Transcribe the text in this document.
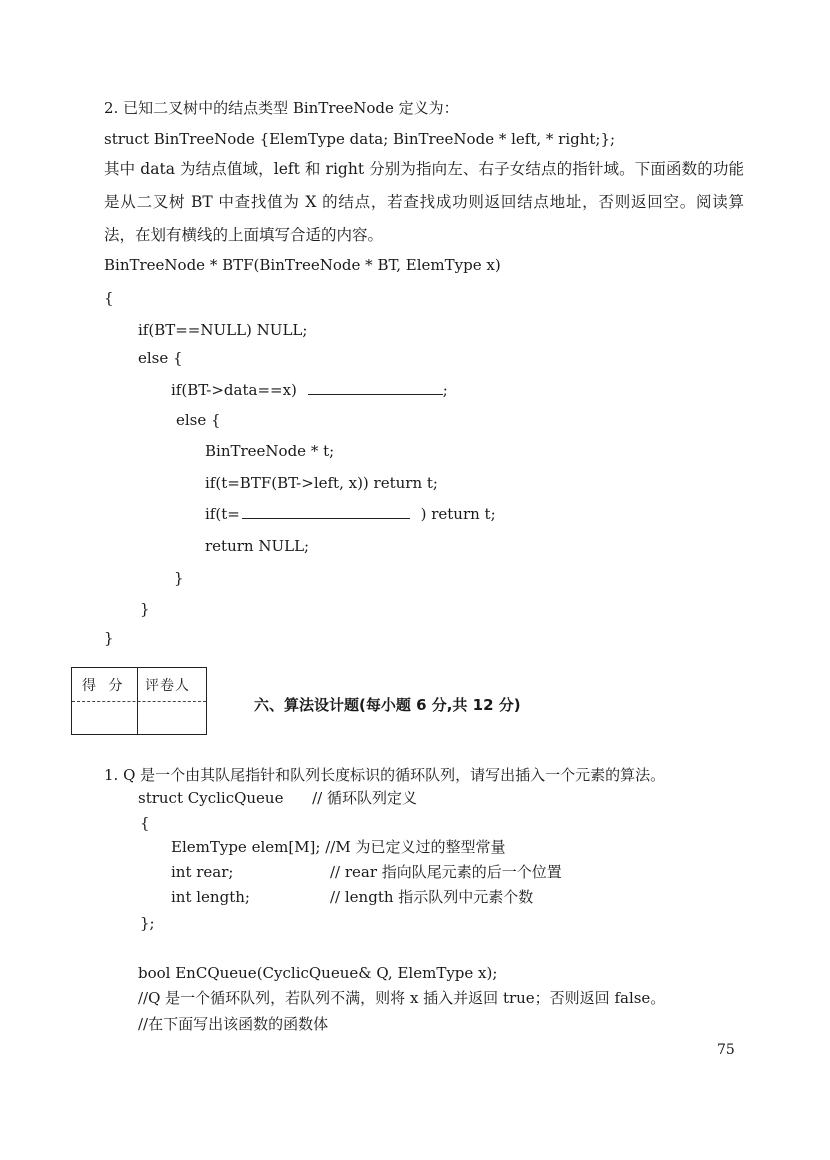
2. 已知二叉树中的结点类型 BinTreeNode 定义为：
struct BinTreeNode {ElemType data; BinTreeNode * left, * right;};
其中 data 为结点值域，left 和 right 分别为指向左、右子女结点的指针域。下面函数的功能是从二叉树 BT 中查找值为 X 的结点，若查找成功则返回结点地址，否则返回空。阅读算法，在划有横线的上面填写合适的内容。
BinTreeNode * BTF(BinTreeNode * BT, ElemType x)
{
if(BT==NULL) NULL;
else {
if(BT->data==x)	;
else {
BinTreeNode * t;
if(t=BTF(BT->left, x)) return t;
if(t=	) return t;
return NULL;
}
}
}
得 分 评卷人
六、算法设计题(每小题 6 分,共 12 分)
1. Q 是一个由其队尾指针和队列长度标识的循环队列，请写出插入一个元素的算法。
struct CyclicQueue      // 循环队列定义
{
ElemType elem[M]; //M 为已定义过的整型常量
int rear;	// rear 指向队尾元素的后一个位置
int length;	// length 指示队列中元素个数
};
bool EnCQueue(CyclicQueue& Q, ElemType x);
//Q 是一个循环队列，若队列不满，则将 x 插入并返回 true；否则返回 false。
//在下面写出该函数的函数体
75
